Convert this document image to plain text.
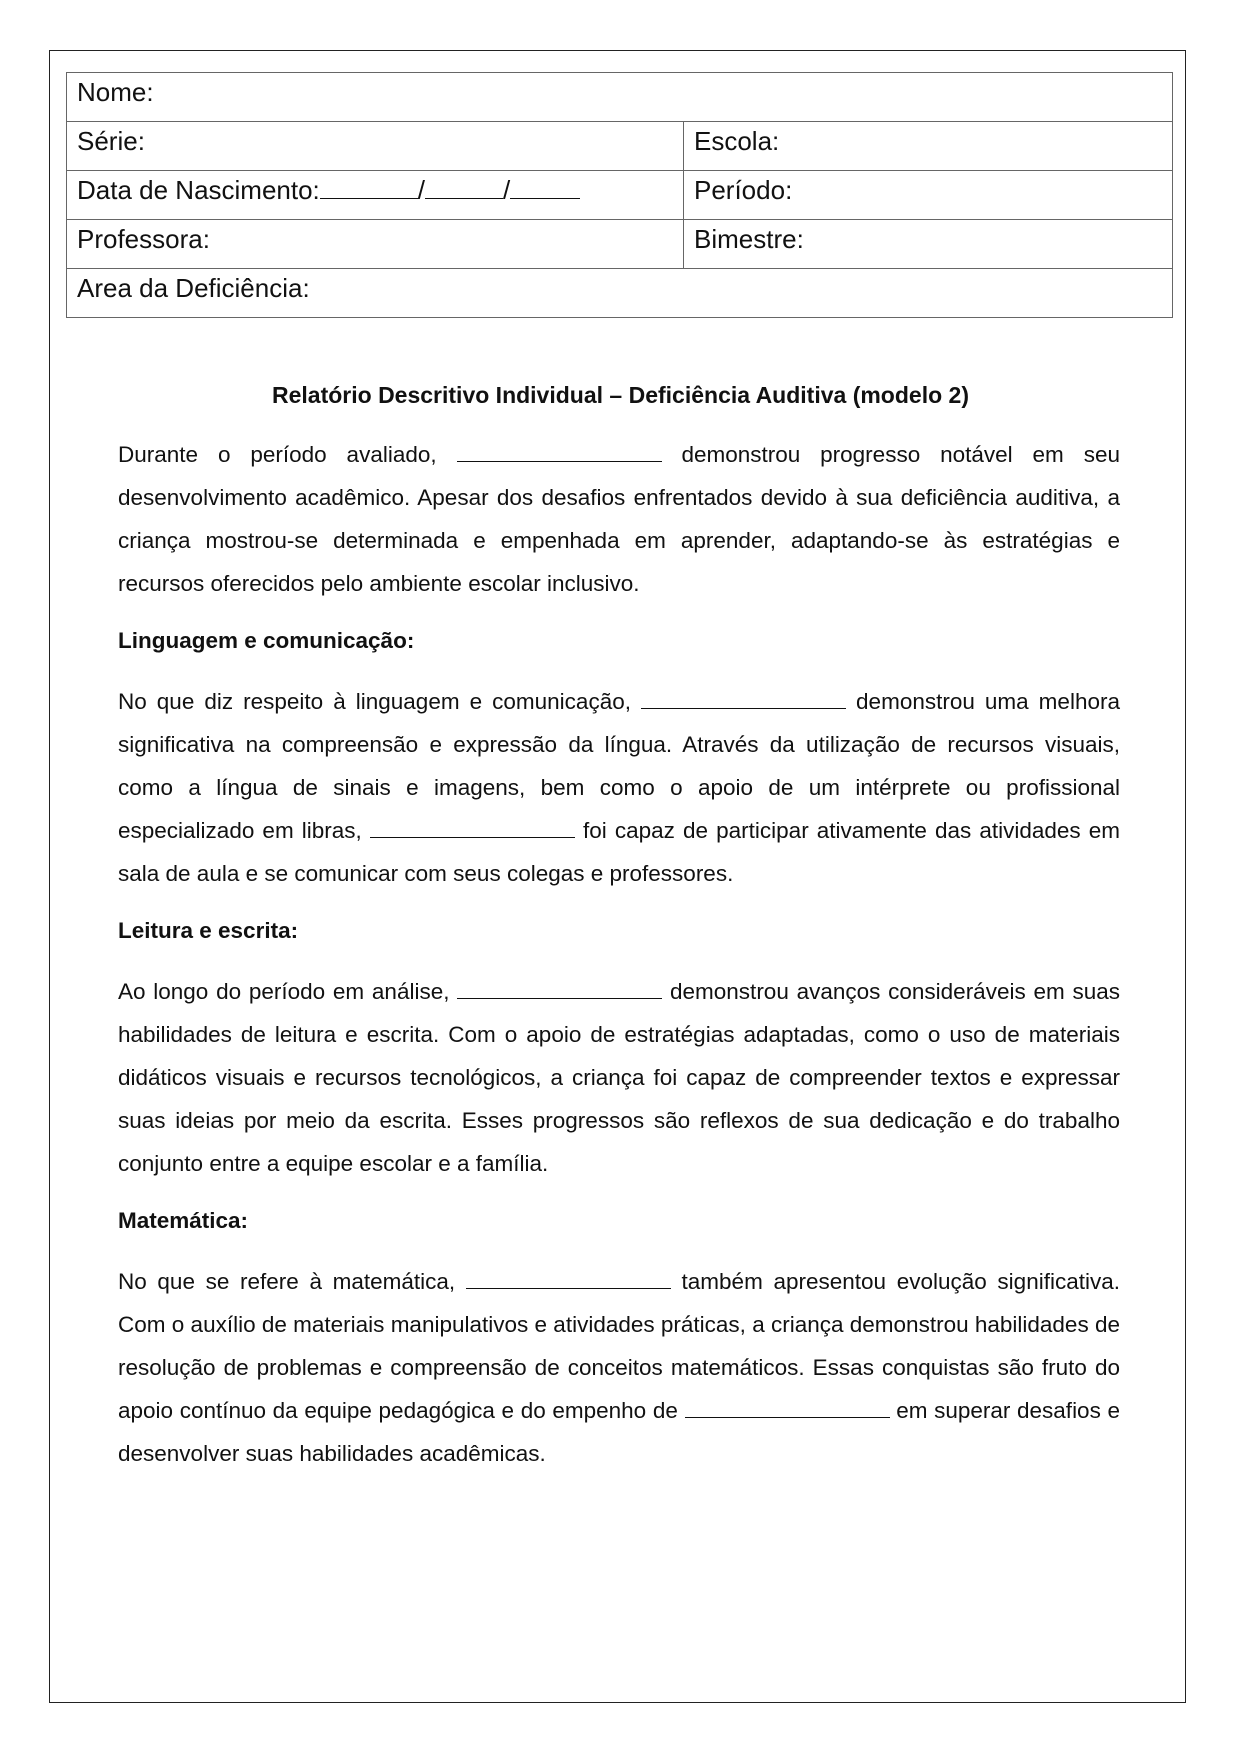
Nome:	
Série:	Escola:
Data de Nascimento: / /	Período:
Professora:	Bimestre:
Area da Deficiência:	
Relatório Descritivo Individual – Deficiência Auditiva (modelo 2)

Durante o período avaliado,	demonstrou progresso notável em seu desenvolvimento acadêmico. Apesar dos desafios enfrentados devido à sua deficiência auditiva, a criança mostrou-se determinada e empenhada em aprender, adaptando-se às estratégias e recursos oferecidos pelo ambiente escolar inclusivo.

Linguagem e comunicação:

No que diz respeito à linguagem e comunicação,	demonstrou uma melhora significativa na compreensão e expressão da língua. Através da utilização de recursos visuais, como a língua de sinais e imagens, bem como o apoio de um intérprete ou profissional especializado em libras,	foi capaz de participar ativamente das atividades em sala de aula e se comunicar com seus colegas e professores.

Leitura e escrita:

Ao longo do período em análise,	demonstrou avanços consideráveis em suas habilidades de leitura e escrita. Com o apoio de estratégias adaptadas, como o uso de materiais didáticos visuais e recursos tecnológicos, a criança foi capaz de compreender textos e expressar suas ideias por meio da escrita. Esses progressos são reflexos de sua dedicação e do trabalho conjunto entre a equipe escolar e a família.

Matemática:

No que se refere à matemática,	também apresentou evolução significativa. Com o auxílio de materiais manipulativos e atividades práticas, a criança demonstrou habilidades de resolução de problemas e compreensão de conceitos matemáticos. Essas conquistas são fruto do apoio contínuo da equipe pedagógica e do empenho de	em superar desafios e desenvolver suas habilidades acadêmicas.
